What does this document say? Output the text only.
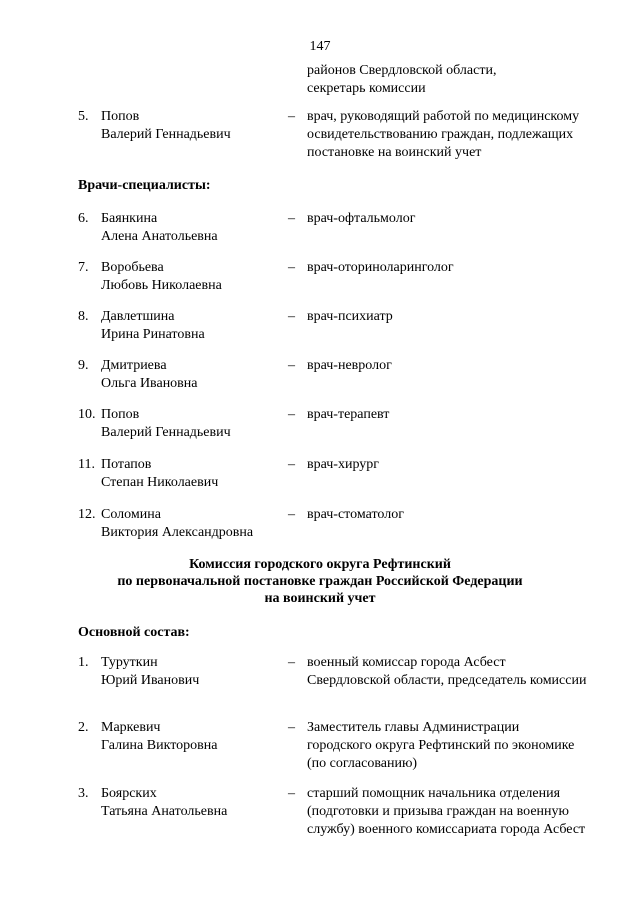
147
районов Свердловской области,
секретарь комиссии
5. Попов
Валерий Геннадьевич
– врач, руководящий работой по медицинскому
освидетельствованию граждан, подлежащих
постановке на воинский учет
Врачи-специалисты:
6. Баянкина
Алена Анатольевна
– врач-офтальмолог
7. Воробьева
Любовь Николаевна
– врач-оториноларинголог
8. Давлетшина
Ирина Ринатовна
– врач-психиатр
9. Дмитриева
Ольга Ивановна
– врач-невролог
10. Попов
Валерий Геннадьевич
– врач-терапевт
11. Потапов
Степан Николаевич
– врач-хирург
12. Соломина
Виктория Александровна
– врач-стоматолог
Комиссия городского округа Рефтинский
по первоначальной постановке граждан Российской Федерации
на воинский учет
Основной состав:
1. Туруткин
Юрий Иванович
– военный комиссар города Асбест
Свердловской области, председатель комиссии
2. Маркевич
Галина Викторовна
– Заместитель главы Администрации
городского округа Рефтинский по экономике
(по согласованию)
3. Боярских
Татьяна Анатольевна
– старший помощник начальника отделения
(подготовки и призыва граждан на военную
службу) военного комиссариата города Асбест
